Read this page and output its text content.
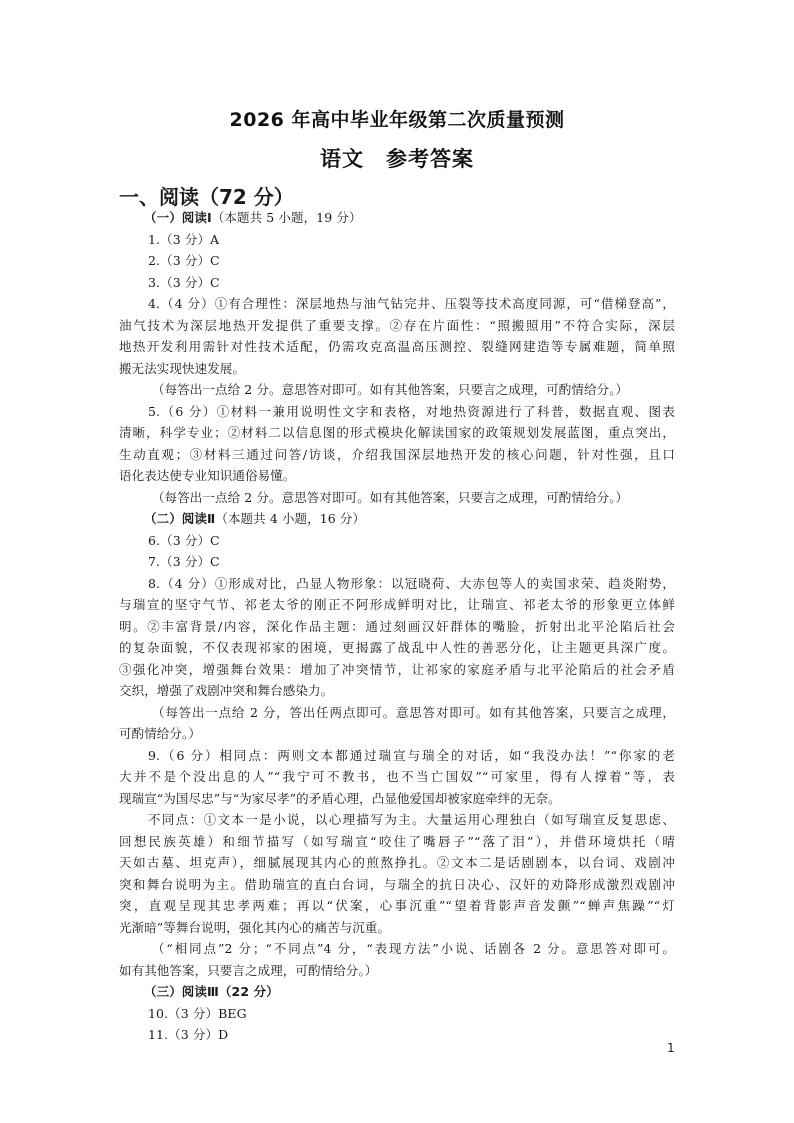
2026 年高中毕业年级第二次质量预测
语文　参考答案
一、阅读（72 分）

（一）阅读Ⅰ（本题共 5 小题，19 分）

1.（3 分）A

2.（3 分）C

3.（3 分）C

4.（4 分）①有合理性：深层地热与油气钻完井、压裂等技术高度同源，可“借梯登高”，

油气技术为深层地热开发提供了重要支撑。②存在片面性：“照搬照用”不符合实际，深层

地热开发利用需针对性技术适配，仍需攻克高温高压测控、裂缝网建造等专属难题，简单照

搬无法实现快速发展。

（每答出一点给 2 分。意思答对即可。如有其他答案，只要言之成理，可酌情给分。）

5.（6 分）①材料一兼用说明性文字和表格，对地热资源进行了科普，数据直观、图表

清晰，科学专业；②材料二以信息图的形式模块化解读国家的政策规划发展蓝图，重点突出，

生动直观；③材料三通过问答/访谈，介绍我国深层地热开发的核心问题，针对性强，且口

语化表达使专业知识通俗易懂。

（每答出一点给 2 分。意思答对即可。如有其他答案，只要言之成理，可酌情给分。）

（二）阅读Ⅱ（本题共 4 小题，16 分）

6.（3 分）C

7.（3 分）C

8.（4 分）①形成对比，凸显人物形象：以冠晓荷、大赤包等人的卖国求荣、趋炎附势，

与瑞宣的坚守气节、祁老太爷的刚正不阿形成鲜明对比，让瑞宣、祁老太爷的形象更立体鲜

明。②丰富背景/内容，深化作品主题：通过刻画汉奸群体的嘴脸，折射出北平沦陷后社会

的复杂面貌，不仅表现祁家的困境，更揭露了战乱中人性的善恶分化，让主题更具深广度。

③强化冲突，增强舞台效果：增加了冲突情节，让祁家的家庭矛盾与北平沦陷后的社会矛盾

交织，增强了戏剧冲突和舞台感染力。

（每答出一点给 2 分，答出任两点即可。意思答对即可。如有其他答案，只要言之成理，

可酌情给分。）

9.（6 分）相同点：两则文本都通过瑞宣与瑞全的对话，如“我没办法！”“你家的老

大并不是个没出息的人”“我宁可不教书，也不当亡国奴”“可家里，得有人撑着”等，表

现瑞宣“为国尽忠”与“为家尽孝”的矛盾心理，凸显他爱国却被家庭牵绊的无奈。

不同点：①文本一是小说，以心理描写为主。大量运用心理独白（如写瑞宣反复思虑、

回想民族英雄）和细节描写（如写瑞宣“咬住了嘴唇子”“落了泪”），并借环境烘托（晴

天如古墓、坦克声），细腻展现其内心的煎熬挣扎。②文本二是话剧剧本，以台词、戏剧冲

突和舞台说明为主。借助瑞宣的直白台词，与瑞全的抗日决心、汉奸的劝降形成激烈戏剧冲

突，直观呈现其忠孝两难；再以“伏案，心事沉重”“望着背影声音发颤”“蝉声焦躁”“灯

光渐暗”等舞台说明，强化其内心的痛苦与沉重。

（“相同点”2 分；“不同点”4 分，“表现方法”小说、话剧各 2 分。意思答对即可。

如有其他答案，只要言之成理，可酌情给分。）

（三）阅读Ⅲ（22 分）

10.（3 分）BEG

11.（3 分）D

1
